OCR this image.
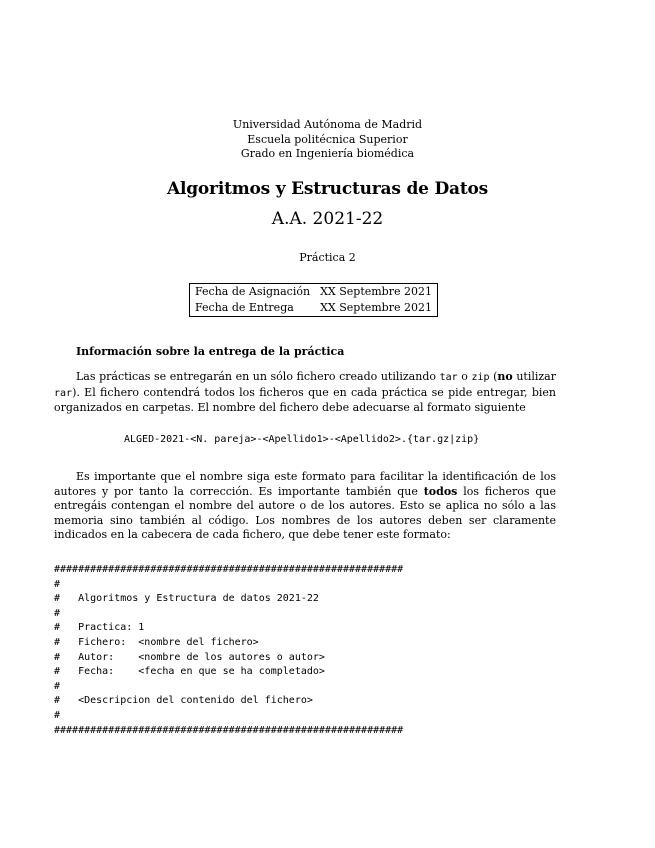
Universidad Autónoma de Madrid
Escuela politécnica Superior
Grado en Ingeniería biomédica
Algoritmos y Estructuras de Datos
A.A. 2021-22
Práctica 2
Fecha de Asignación	XX Septembre 2021
Fecha de Entrega	XX Septembre 2021
Información sobre la entrega de la práctica
Las prácticas se entregarán en un sólo fichero creado utilizando tar o zip (no utilizar rar). El fichero contendrá todos los ficheros que en cada práctica se pide entregar, bien organizados en carpetas. El nombre del fichero debe adecuarse al formato siguiente
ALGED-2021-<N. pareja>-<Apellido1>-<Apellido2>.{tar.gz|zip}
Es importante que el nombre siga este formato para facilitar la identificación de los autores y por tanto la corrección. Es importante también que todos los ficheros que entregáis contengan el nombre del autore o de los autores. Esto se aplica no sólo a las memoria sino también al código. Los nombres de los autores deben ser claramente indicados en la cabecera de cada fichero, que debe tener este formato:
##########################################################
#
#   Algoritmos y Estructura de datos 2021-22
#
#   Practica: 1
#   Fichero:  <nombre del fichero>
#   Autor:    <nombre de los autores o autor>
#   Fecha:    <fecha en que se ha completado>
#
#   <Descripcion del contenido del fichero>
#
##########################################################
